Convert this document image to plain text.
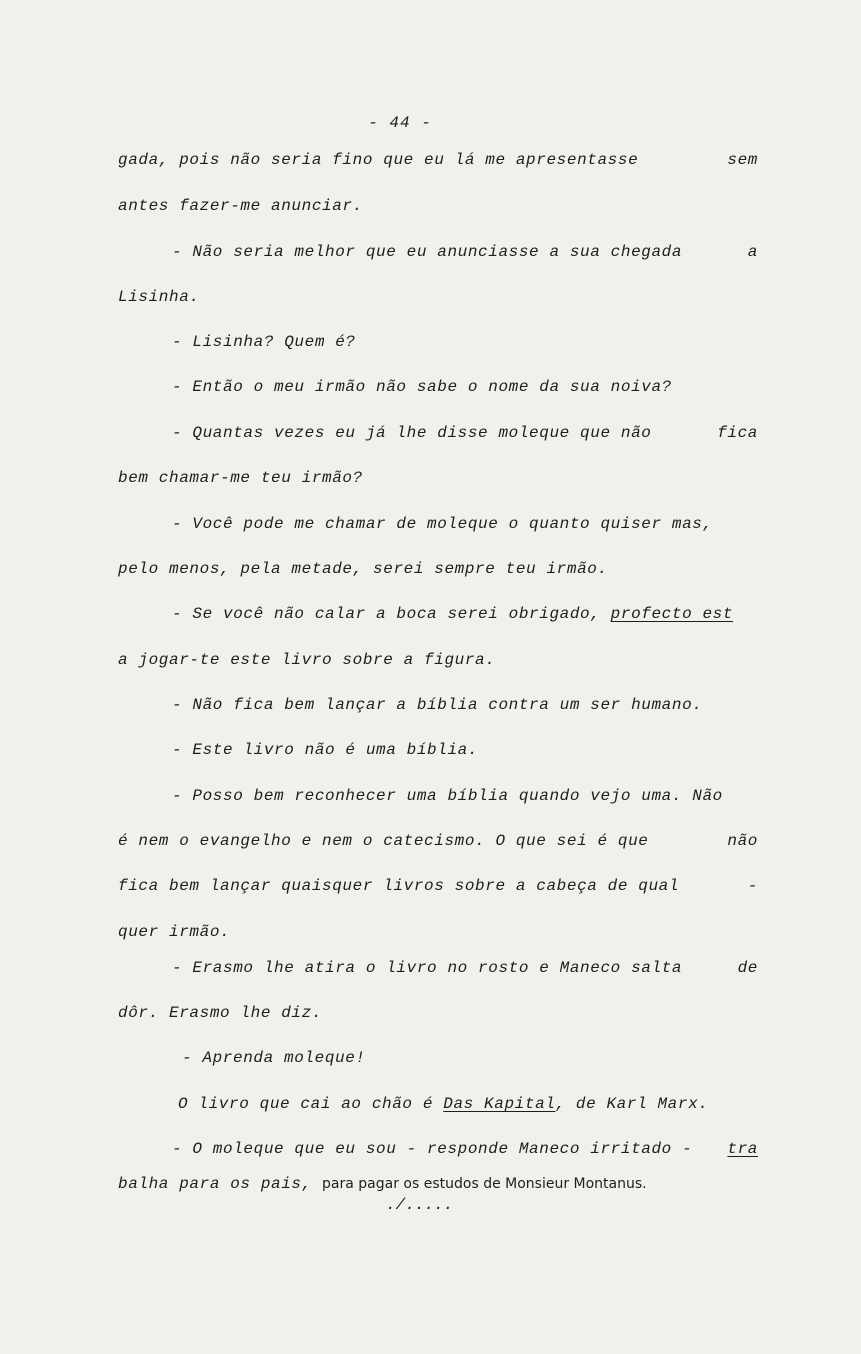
- 44 -
gada, pois não seria fino que eu lá me apresentasse	sem
antes fazer-me anunciar.
- Não seria melhor que eu anunciasse a sua chegada	a
Lisinha.
- Lisinha? Quem é?
- Então o meu irmão não sabe o nome da sua noiva?
- Quantas vezes eu já lhe disse moleque que não	fica
bem chamar-me teu irmão?
- Você pode me chamar de moleque o quanto quiser mas,
pelo menos, pela metade, serei sempre teu irmão.
- Se você não calar a boca serei obrigado, profecto est
a jogar-te este livro sobre a figura.
- Não fica bem lançar a bíblia contra um ser humano.
- Este livro não é uma bíblia.
- Posso bem reconhecer uma bíblia quando vejo uma. Não
é nem o evangelho e nem o catecismo. O que sei é que	não
fica bem lançar quaisquer livros sobre a cabeça de qual	-
quer irmão.
- Erasmo lhe atira o livro no rosto e Maneco salta	de
dôr. Erasmo lhe diz.
- Aprenda moleque!
O livro que cai ao chão é Das Kapital, de Karl Marx.
- O moleque que eu sou - responde Maneco irritado - tra
balha para os pais, para pagar os estudos de Monsieur Montanus.
./.....
